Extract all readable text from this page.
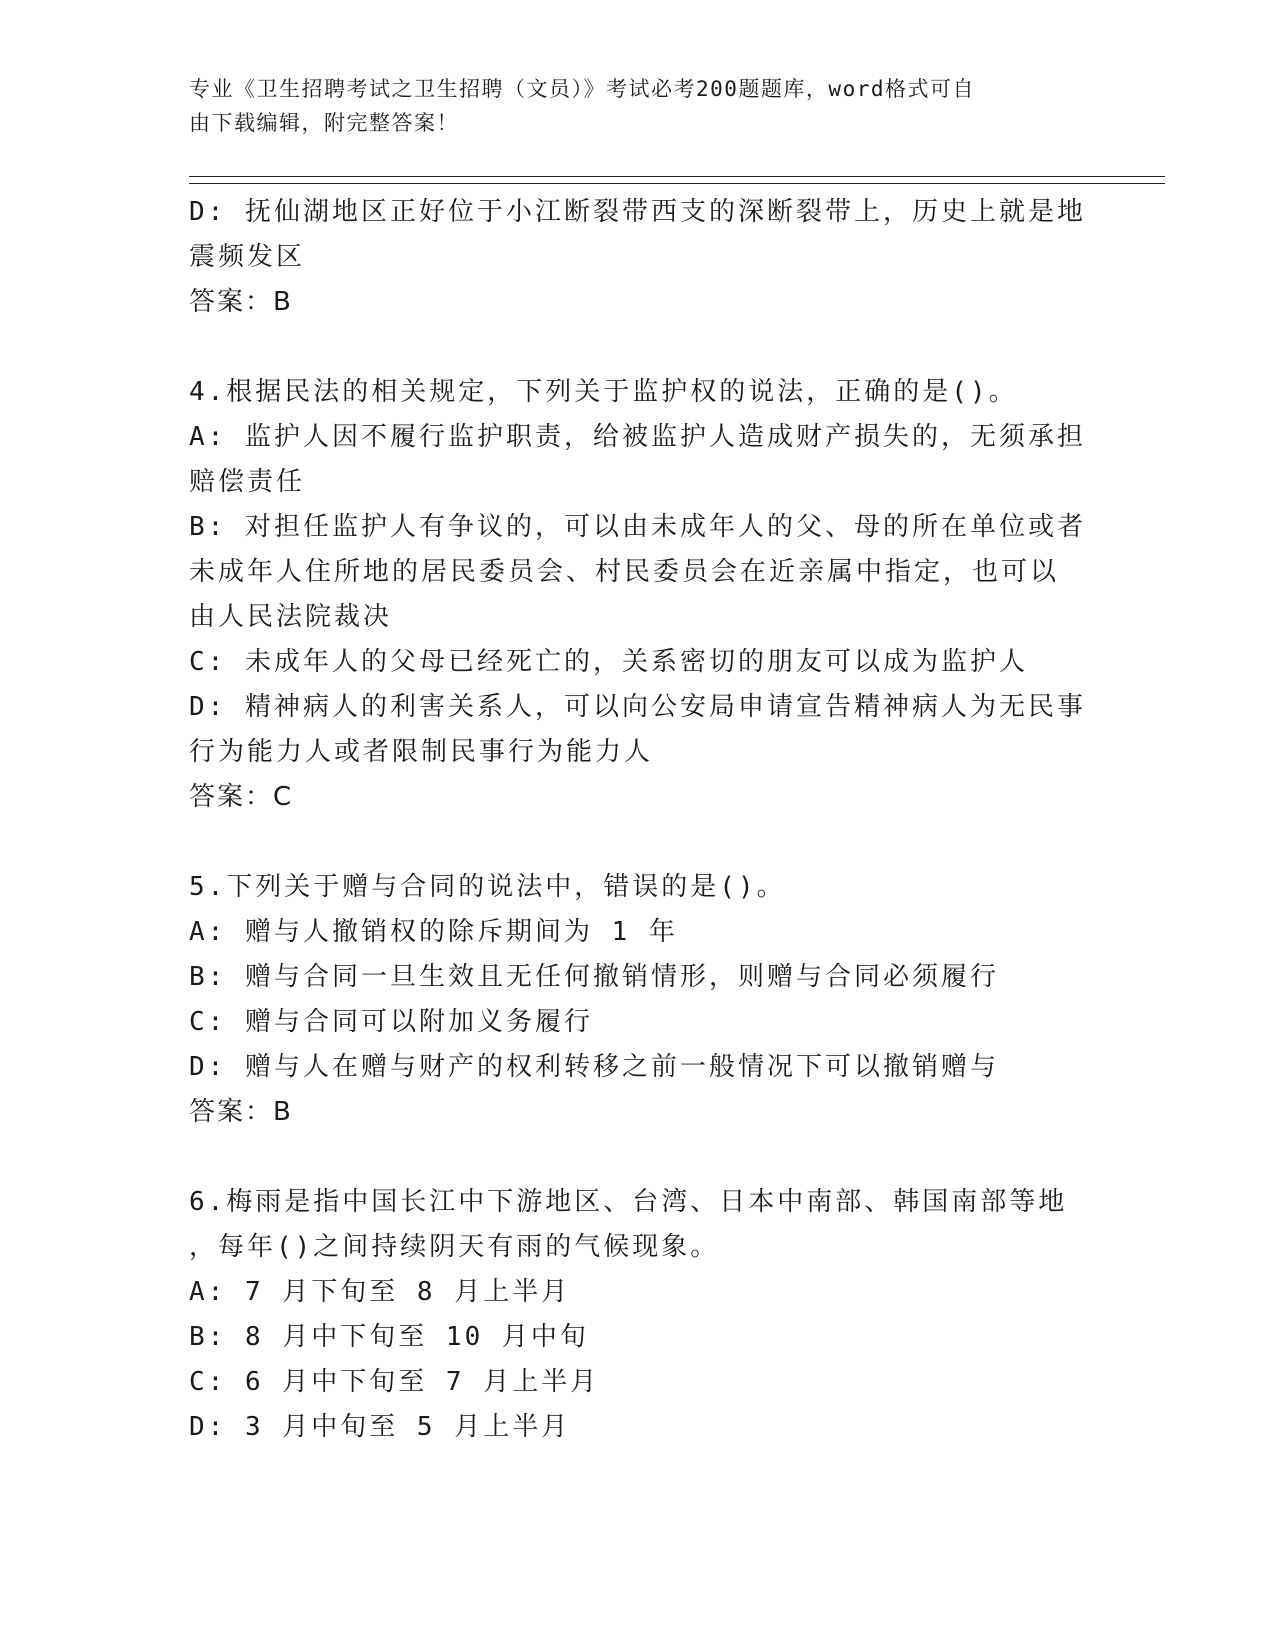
专业《卫生招聘考试之卫生招聘（文员）》考试必考200题题库，word格式可自
由下载编辑，附完整答案！
D: 抚仙湖地区正好位于小江断裂带西支的深断裂带上，历史上就是地
震频发区
答案：B
4.根据民法的相关规定，下列关于监护权的说法，正确的是()。
A: 监护人因不履行监护职责，给被监护人造成财产损失的，无须承担
赔偿责任
B: 对担任监护人有争议的，可以由未成年人的父、母的所在单位或者
未成年人住所地的居民委员会、村民委员会在近亲属中指定，也可以
由人民法院裁决
C: 未成年人的父母已经死亡的，关系密切的朋友可以成为监护人
D: 精神病人的利害关系人，可以向公安局申请宣告精神病人为无民事
行为能力人或者限制民事行为能力人
答案：C
5.下列关于赠与合同的说法中，错误的是()。
A: 赠与人撤销权的除斥期间为 1 年
B: 赠与合同一旦生效且无任何撤销情形，则赠与合同必须履行
C: 赠与合同可以附加义务履行
D: 赠与人在赠与财产的权利转移之前一般情况下可以撤销赠与
答案：B
6.梅雨是指中国长江中下游地区、台湾、日本中南部、韩国南部等地
，每年()之间持续阴天有雨的气候现象。
A: 7 月下旬至 8 月上半月
B: 8 月中下旬至 10 月中旬
C: 6 月中下旬至 7 月上半月
D: 3 月中旬至 5 月上半月
